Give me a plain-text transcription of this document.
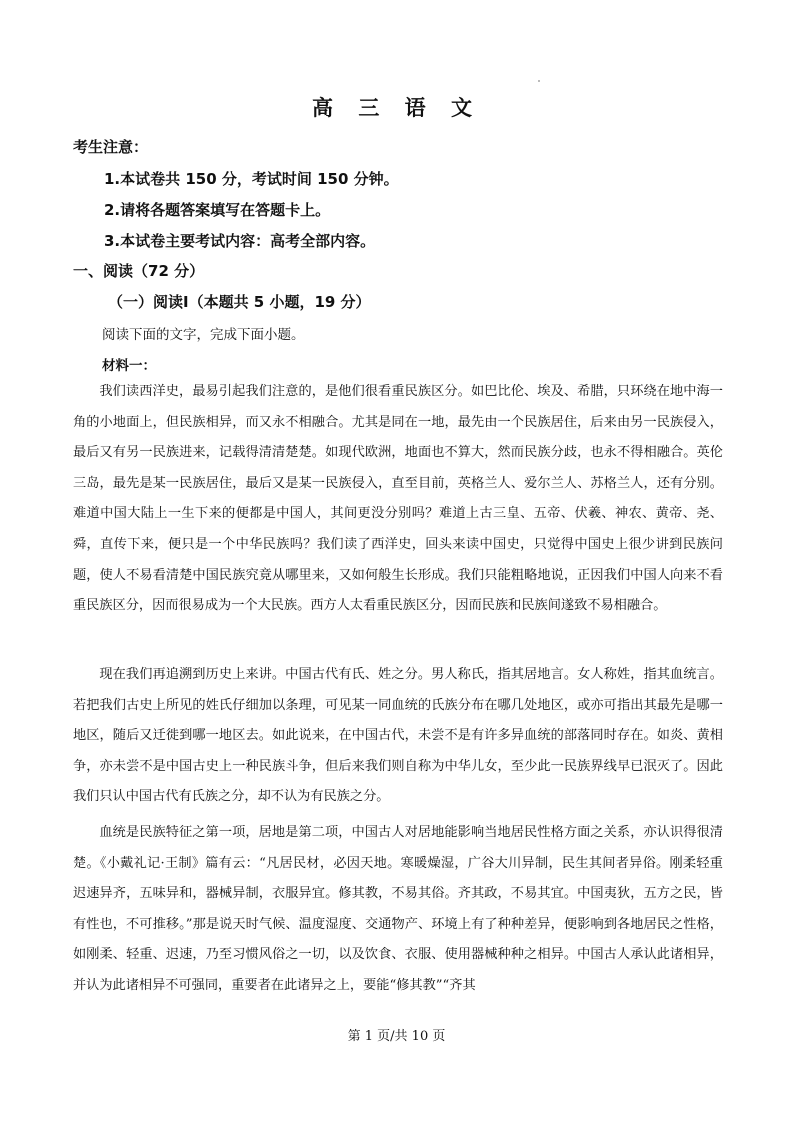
高 三 语 文
考生注意：
1.本试卷共 150 分，考试时间 150 分钟。
2.请将各题答案填写在答题卡上。
3.本试卷主要考试内容：高考全部内容。
一、阅读（72 分）
（一）阅读Ⅰ（本题共 5 小题，19 分）
阅读下面的文字，完成下面小题。
材料一：

我们读西洋史，最易引起我们注意的，是他们很看重民族区分。如巴比伦、埃及、希腊，只环绕在地中海一角的小地面上，但民族相异，而又永不相融合。尤其是同在一地，最先由一个民族居住，后来由另一民族侵入，最后又有另一民族进来，记载得清清楚楚。如现代欧洲，地面也不算大，然而民族分歧，也永不得相融合。英伦三岛，最先是某一民族居住，最后又是某一民族侵入，直至目前，英格兰人、爱尔兰人、苏格兰人，还有分别。难道中国大陆上一生下来的便都是中国人，其间更没分别吗？难道上古三皇、五帝、伏羲、神农、黄帝、尧、舜，直传下来，便只是一个中华民族吗？我们读了西洋史，回头来读中国史，只觉得中国史上很少讲到民族问题，使人不易看清楚中国民族究竟从哪里来，又如何般生长形成。我们只能粗略地说，正因我们中国人向来不看重民族区分，因而很易成为一个大民族。西方人太看重民族区分，因而民族和民族间遂致不易相融合。

现在我们再追溯到历史上来讲。中国古代有氏、姓之分。男人称氏，指其居地言。女人称姓，指其血统言。若把我们古史上所见的姓氏仔细加以条理，可见某一同血统的氏族分布在哪几处地区，或亦可指出其最先是哪一地区，随后又迁徙到哪一地区去。如此说来，在中国古代，未尝不是有许多异血统的部落同时存在。如炎、黄相争，亦未尝不是中国古史上一种民族斗争，但后来我们则自称为中华儿女，至少此一民族界线早已泯灭了。因此我们只认中国古代有氏族之分，却不认为有民族之分。

血统是民族特征之第一项，居地是第二项，中国古人对居地能影响当地居民性格方面之关系，亦认识得很清楚。《小戴礼记·王制》篇有云：“凡居民材，必因天地。寒暖燥湿，广谷大川异制，民生其间者异俗。刚柔轻重迟速异齐，五味异和，器械异制，衣服异宜。修其教，不易其俗。齐其政，不易其宜。中国夷狄，五方之民，皆有性也，不可推移。”那是说天时气候、温度湿度、交通物产、环境上有了种种差异，便影响到各地居民之性格，如刚柔、轻重、迟速，乃至习惯风俗之一切，以及饮食、衣服、使用器械种种之相异。中国古人承认此诸相异，并认为此诸相异不可强同，重要者在此诸异之上，要能“修其教”“齐其

第 1 页/共 10 页
